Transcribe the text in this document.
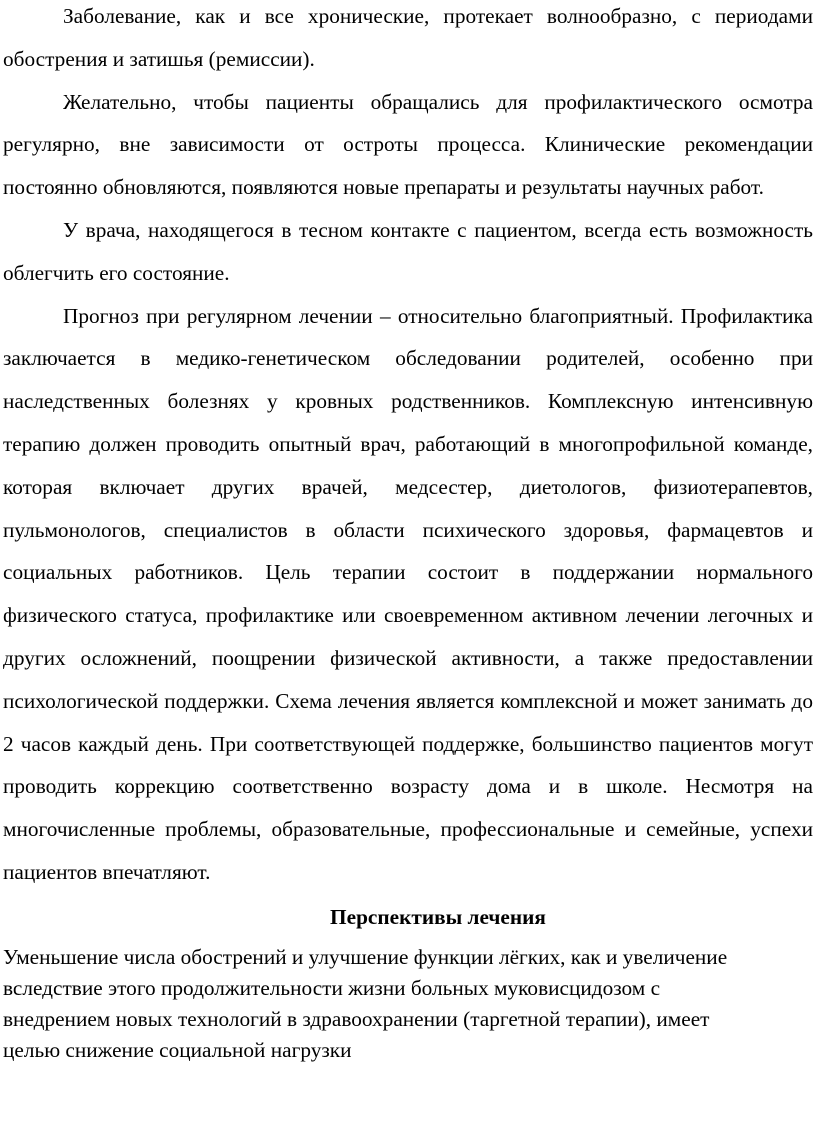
Заболевание, как и все хронические, протекает волнообразно, с периодами обострения и затишья (ремиссии).

Желательно, чтобы пациенты обращались для профилактического осмотра регулярно, вне зависимости от остроты процесса. Клинические рекомендации постоянно обновляются, появляются новые препараты и результаты научных работ.

У врача, находящегося в тесном контакте с пациентом, всегда есть возможность облегчить его состояние.

Прогноз при регулярном лечении – относительно благоприятный. Профилактика заключается в медико-генетическом обследовании родителей, особенно при наследственных болезнях у кровных родственников. Комплексную интенсивную терапию должен проводить опытный врач, работающий в многопрофильной команде, которая включает других врачей, медсестер, диетологов, физиотерапевтов, пульмонологов, специалистов в области психического здоровья, фармацевтов и социальных работников. Цель терапии состоит в поддержании нормального физического статуса, профилактике или своевременном активном лечении легочных и других осложнений, поощрении физической активности, а также предоставлении психологической поддержки. Схема лечения является комплексной и может занимать до 2 часов каждый день. При соответствующей поддержке, большинство пациентов могут проводить коррекцию соответственно возрасту дома и в школе. Несмотря на многочисленные проблемы, образовательные, профессиональные и семейные, успехи пациентов впечатляют.

Перспективы лечения

Уменьшение числа обострений и улучшение функции лёгких, как и увеличение вследствие этого продолжительности жизни больных муковисцидозом с внедрением новых технологий в здравоохранении (таргетной терапии), имеет целью снижение социальной нагрузки
